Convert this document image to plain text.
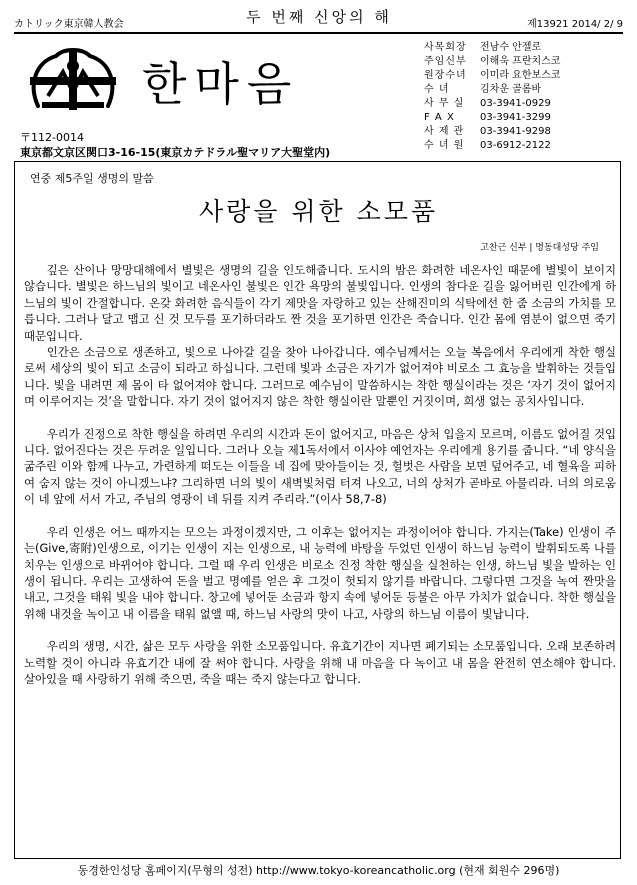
カトリック東京韓人教会	두 번째 신앙의 해	제13921 2014/ 2/ 9
한마음
사목회장	전남수 안젤로
주임신부	이해욱 프란치스코
원장수녀	이미라 요한보스코
수 녀	김차운 골롬바
사 무 실	03-3941-0929
F A X	03-3941-3299
사 제 관	03-3941-9298
수 녀 원	03-6912-2122
〒112-0014
東京都文京区関口3-16-15(東京カテドラル聖マリア大聖堂内)
연중 제5주일 생명의 말씀
사랑을 위한 소모품
고찬근 신부 | 명동대성당 주임

깊은 산이나 망망대해에서 별빛은 생명의 길을 인도해줍니다. 도시의 밤은 화려한 네온사인 때문에 별빛이 보이지 않습니다. 별빛은 하느님의 빛이고 네온사인 불빛은 인간 욕망의 불빛입니다. 인생의 참다운 길을 잃어버린 인간에게 하느님의 빛이 간절합니다. 온갖 화려한 음식들이 각기 제맛을 자랑하고 있는 산해진미의 식탁에선 한 줌 소금의 가치를 모릅니다. 그러나 달고 맵고 신 것 모두를 포기하더라도 짠 것을 포기하면 인간은 죽습니다. 인간 몸에 염분이 없으면 죽기 때문입니다.

인간은 소금으로 생존하고, 빛으로 나아갈 길을 찾아 나아갑니다. 예수님께서는 오늘 복음에서 우리에게 착한 행실로써 세상의 빛이 되고 소금이 되라고 하십니다. 그런데 빛과 소금은 자기가 없어져야 비로소 그 효능을 발휘하는 것들입니다. 빛을 내려면 제 몸이 타 없어져야 합니다. 그러므로 예수님이 말씀하시는 착한 행실이라는 것은 ‘자기 것이 없어지며 이루어지는 것’을 말합니다. 자기 것이 없어지지 않은 착한 행실이란 말뿐인 거짓이며, 희생 없는 공치사입니다.

우리가 진정으로 착한 행실을 하려면 우리의 시간과 돈이 없어지고, 마음은 상처 입을지 모르며, 이름도 없어질 것입니다. 없어진다는 것은 두려운 일입니다. 그러나 오늘 제1독서에서 이사야 예언자는 우리에게 용기를 줍니다. “네 양식을 굶주린 이와 함께 나누고, 가련하게 떠도는 이들을 네 집에 맞아들이는 것, 헐벗은 사람을 보면 덮어주고, 네 혈육을 피하여 숨지 않는 것이 아니겠느냐? 그리하면 너의 빛이 새벽빛처럼 터져 나오고, 너의 상처가 곧바로 아물리라. 너의 의로움이 네 앞에 서서 가고, 주님의 영광이 네 뒤를 지켜 주리라.”(이사 58,7-8)

우리 인생은 어느 때까지는 모으는 과정이겠지만, 그 이후는 없어지는 과정이어야 합니다. 가지는(Take) 인생이 주는(Give,寄附)인생으로, 이기는 인생이 지는 인생으로, 내 능력에 바탕을 두었던 인생이 하느님 능력이 발휘되도록 나를 치우는 인생으로 바뀌어야 합니다. 그럴 때 우리 인생은 비로소 진정 착한 행실을 실천하는 인생, 하느님 빛을 발하는 인생이 됩니다. 우리는 고생하여 돈을 벌고 명예를 얻은 후 그것이 헛되지 않기를 바랍니다. 그렇다면 그것을 녹여 짠맛을 내고, 그것을 태워 빛을 내야 합니다. 창고에 넣어둔 소금과 항지 속에 넣어둔 등불은 아무 가치가 없습니다. 착한 행실을 위해 내것을 녹이고 내 이름을 태워 없앨 때, 하느님 사랑의 맛이 나고, 사랑의 하느님 이름이 빛납니다.

우리의 생명, 시간, 삶은 모두 사랑을 위한 소모품입니다. 유효기간이 지나면 폐기되는 소모품입니다. 오래 보존하려 노력할 것이 아니라 유효기간 내에 잘 써야 합니다. 사랑을 위해 내 마음을 다 녹이고 내 몸을 완전히 연소해야 합니다. 살아있을 때 사랑하기 위해 죽으면, 죽을 때는 죽지 않는다고 합니다.

동경한인성당 홈페이지(무형의 성전) http://www.tokyo-koreancatholic.org (현재 회원수 296명)
